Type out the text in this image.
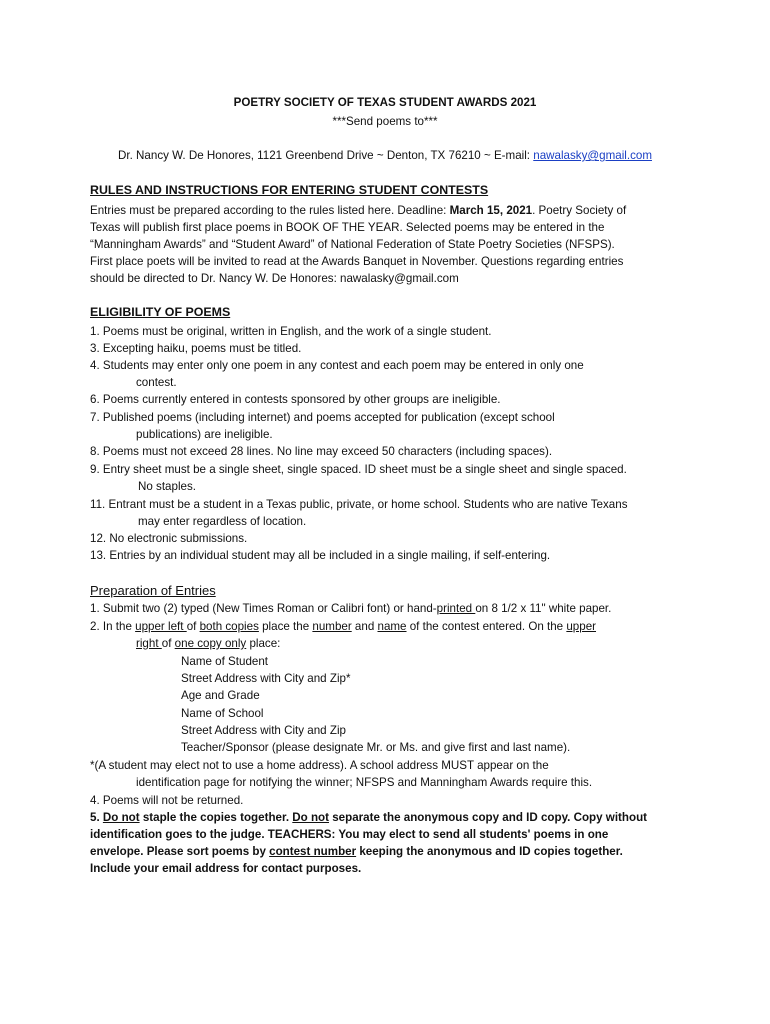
POETRY SOCIETY OF TEXAS STUDENT AWARDS 2021
***Send poems to***
Dr. Nancy W. De Honores, 1121 Greenbend Drive ~ Denton, TX 76210 ~ E-mail: nawalasky@gmail.com
RULES AND INSTRUCTIONS FOR ENTERING STUDENT CONTESTS
Entries must be prepared according to the rules listed here. Deadline: March 15, 2021. Poetry Society of
Texas will publish first place poems in BOOK OF THE YEAR. Selected poems may be entered in the
“Manningham Awards” and “Student Award” of National Federation of State Poetry Societies (NFSPS).
First place poets will be invited to read at the Awards Banquet in November. Questions regarding entries
should be directed to Dr. Nancy W. De Honores: nawalasky@gmail.com
ELIGIBILITY OF POEMS
1. Poems must be original, written in English, and the work of a single student.
3. Excepting haiku, poems must be titled.
4. Students may enter only one poem in any contest and each poem may be entered in only one
contest.
6. Poems currently entered in contests sponsored by other groups are ineligible.
7. Published poems (including internet) and poems accepted for publication (except school
publications) are ineligible.
8. Poems must not exceed 28 lines. No line may exceed 50 characters (including spaces).
9. Entry sheet must be a single sheet, single spaced. ID sheet must be a single sheet and single spaced.
No staples.
11. Entrant must be a student in a Texas public, private, or home school. Students who are native Texans
may enter regardless of location.
12. No electronic submissions.
13. Entries by an individual student may all be included in a single mailing, if self-entering.
Preparation of Entries
1. Submit two (2) typed (New Times Roman or Calibri font) or hand-printed on 8 1/2 x 11" white paper.
2. In the upper left of both copies place the number and name of the contest entered. On the upper
right of one copy only place:
Name of Student
Street Address with City and Zip*
Age and Grade
Name of School
Street Address with City and Zip
Teacher/Sponsor (please designate Mr. or Ms. and give first and last name).
*(A student may elect not to use a home address). A school address MUST appear on the
identification page for notifying the winner; NFSPS and Manningham Awards require this.
4. Poems will not be returned.
5. Do not staple the copies together. Do not separate the anonymous copy and ID copy. Copy without
identification goes to the judge. TEACHERS: You may elect to send all students' poems in one
envelope. Please sort poems by contest number keeping the anonymous and ID copies together.
Include your email address for contact purposes.
